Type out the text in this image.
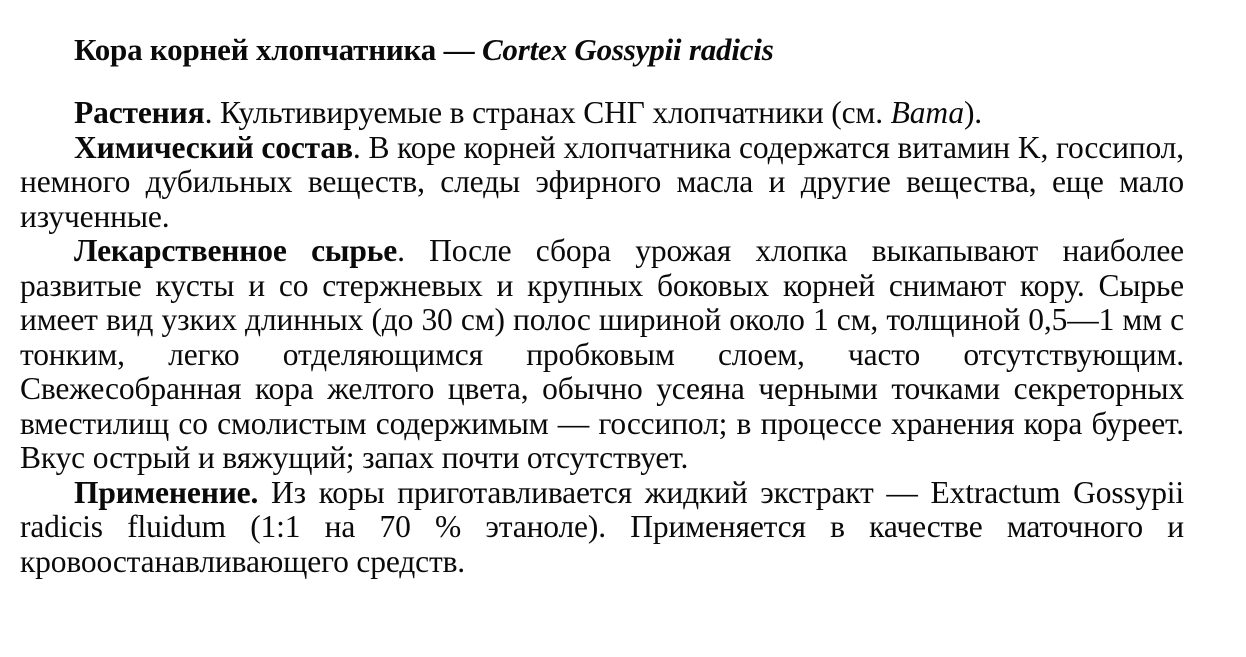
Кора корней хлопчатника — Cortex Gossypii radicis

Растения. Культивируемые в странах СНГ хлопчатники (см. Вата).

Химический состав. В коре корней хлопчатника содержатся витамин K, госсипол, немного дубильных веществ, следы эфирного масла и другие вещества, еще мало изученные.

Лекарственное сырье. После сбора урожая хлопка выкапывают наиболее развитые кусты и со стержневых и крупных боковых корней снимают кору. Сырье имеет вид узких длинных (до 30 см) полос шириной около 1 см, толщиной 0,5—1 мм с тонким, легко отделяющимся пробковым слоем, часто отсутствующим. Свежесобранная кора желтого цвета, обычно усеяна черными точками секреторных вместилищ со смолистым содержимым — госсипол; в процессе хранения кора буреет. Вкус острый и вяжущий; запах почти отсутствует.

Применение. Из коры приготавливается жидкий экстракт — Extractum Gossypii radicis fluidum (1:1 на 70 % этаноле). Применяется в качестве маточного и кровоостанавливающего средств.
